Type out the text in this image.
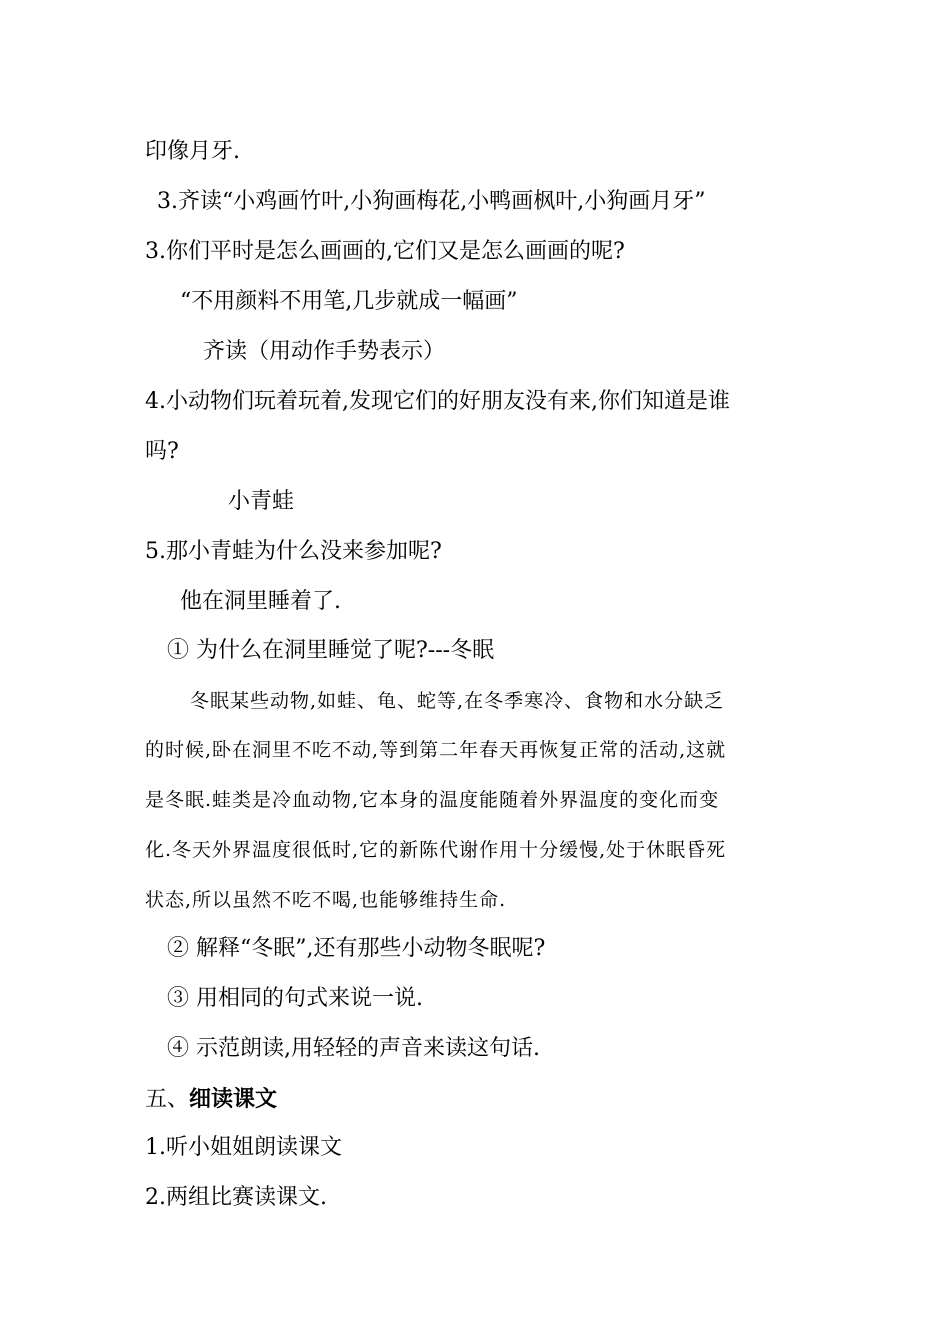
印像月牙.
3.齐读“小鸡画竹叶,小狗画梅花,小鸭画枫叶,小狗画月牙”
3.你们平时是怎么画画的,它们又是怎么画画的呢?
“不用颜料不用笔,几步就成一幅画”
齐读（用动作手势表示）
4.小动物们玩着玩着,发现它们的好朋友没有来,你们知道是谁
吗?
小青蛙
5.那小青蛙为什么没来参加呢?
他在洞里睡着了.
① 为什么在洞里睡觉了呢?---冬眠
冬眠某些动物,如蛙、龟、蛇等,在冬季寒冷、食物和水分缺乏
的时候,卧在洞里不吃不动,等到第二年春天再恢复正常的活动,这就
是冬眠.蛙类是冷血动物,它本身的温度能随着外界温度的变化而变
化.冬天外界温度很低时,它的新陈代谢作用十分缓慢,处于休眠昏死
状态,所以虽然不吃不喝,也能够维持生命.
② 解释“冬眠”,还有那些小动物冬眠呢?
③ 用相同的句式来说一说.
④ 示范朗读,用轻轻的声音来读这句话.
五、细读课文
1.听小姐姐朗读课文
2.两组比赛读课文.
